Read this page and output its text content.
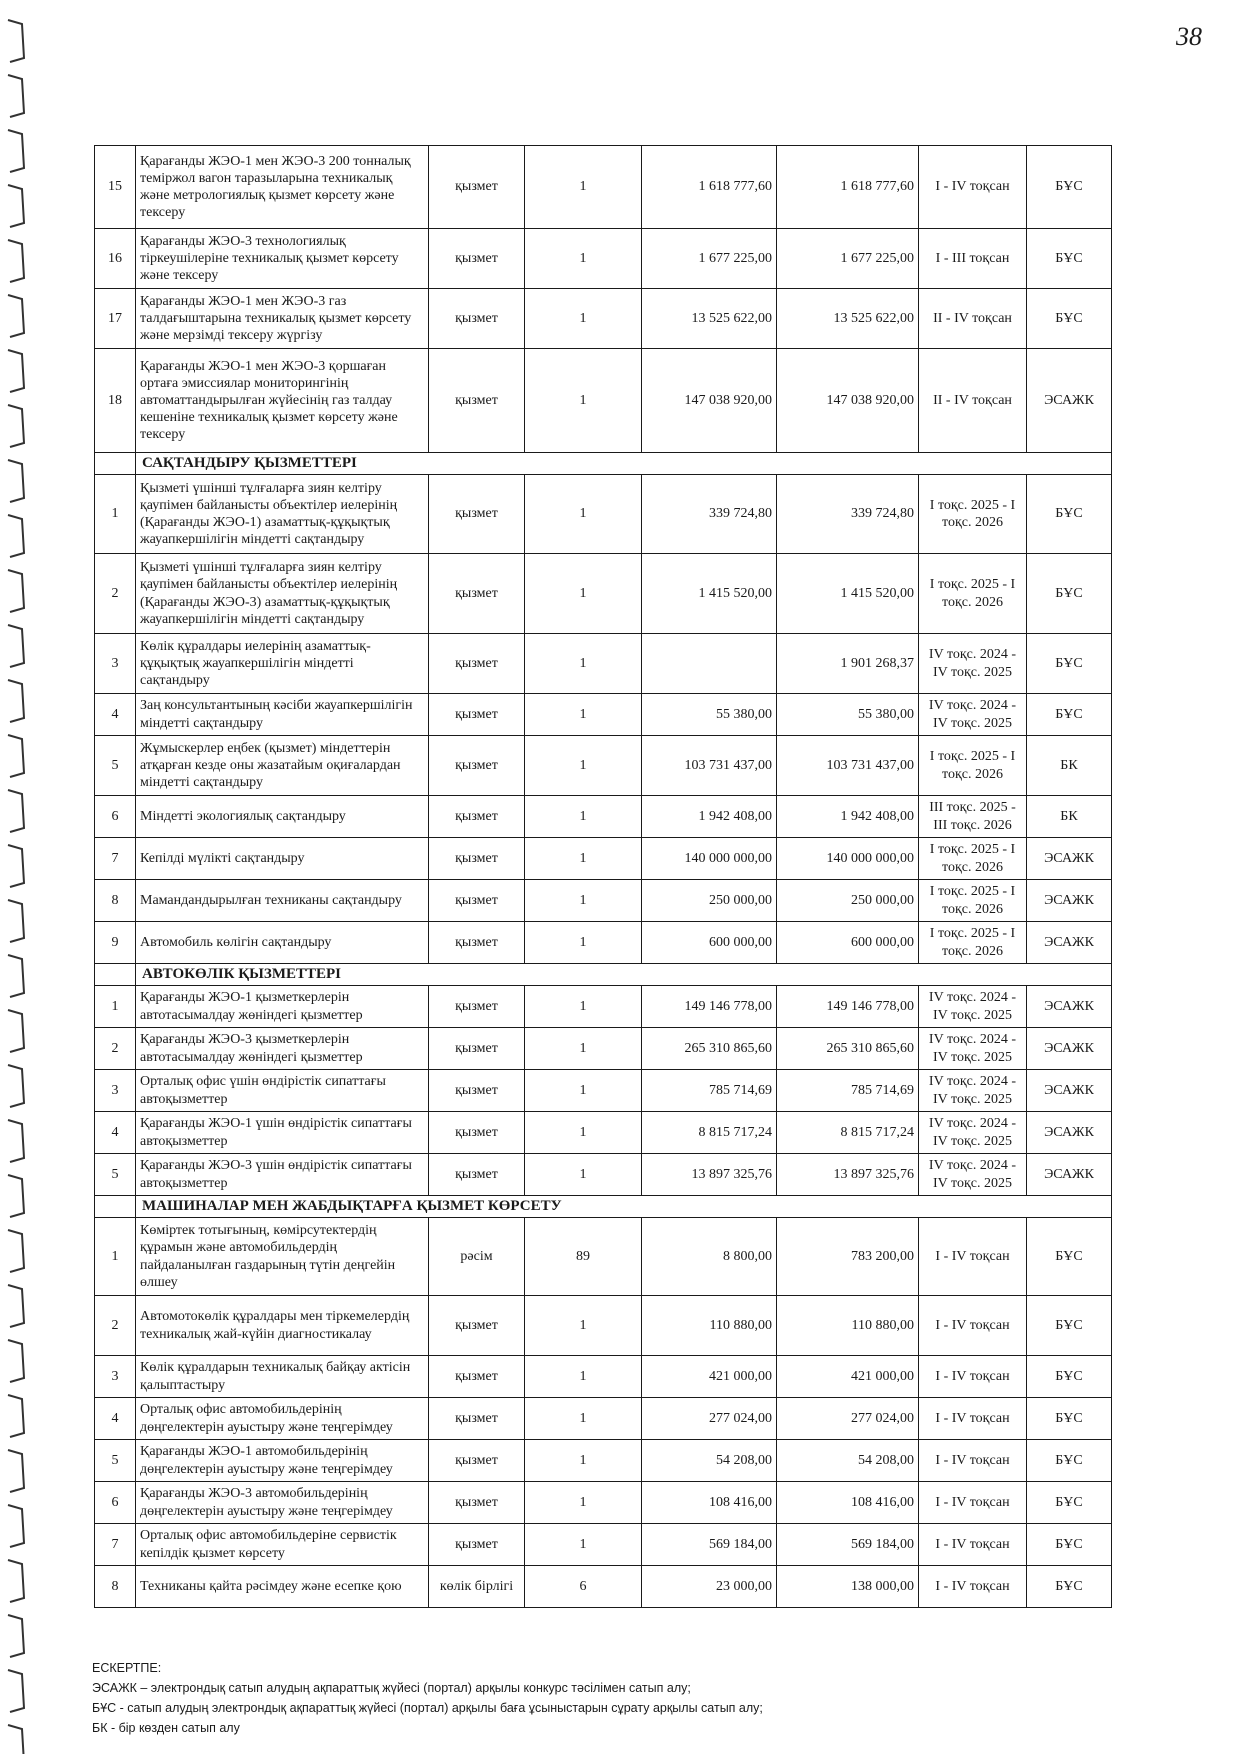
38
15	Қарағанды ЖЭО-1 мен ЖЭО-3 200 тонналық теміржол вагон таразыларына техникалық және метрологиялық қызмет көрсету және тексеру	қызмет	1	1 618 777,60	1 618 777,60	I - IV тоқсан	БҰС
16	Қарағанды ЖЭО-3 технологиялық тіркеушілеріне техникалық қызмет көрсету және тексеру	қызмет	1	1 677 225,00	1 677 225,00	I - III тоқсан	БҰС
17	Қарағанды ЖЭО-1 мен ЖЭО-3 газ талдағыштарына техникалық қызмет көрсету және мерзімді тексеру жүргізу	қызмет	1	13 525 622,00	13 525 622,00	II - IV тоқсан	БҰС
18	Қарағанды ЖЭО-1 мен ЖЭО-3 қоршаған ортаға эмиссиялар мониторингінің автоматтандырылған жүйесінің газ талдау кешеніне техникалық қызмет көрсету және тексеру	қызмет	1	147 038 920,00	147 038 920,00	II - IV тоқсан	ЭСАЖК
	САҚТАНДЫРУ ҚЫЗМЕТТЕРІ						
1	Қызметі үшінші тұлғаларға зиян келтіру қаупімен байланысты объектілер иелерінің (Қарағанды ЖЭО-1) азаматтық-құқықтық жауапкершілігін міндетті сақтандыру	қызмет	1	339 724,80	339 724,80	I тоқс. 2025 - I тоқс. 2026	БҰС
2	Қызметі үшінші тұлғаларға зиян келтіру қаупімен байланысты объектілер иелерінің (Қарағанды ЖЭО-3) азаматтық-құқықтық жауапкершілігін міндетті сақтандыру	қызмет	1	1 415 520,00	1 415 520,00	I тоқс. 2025 - I тоқс. 2026	БҰС
3	Көлік құралдары иелерінің азаматтық-құқықтық жауапкершілігін міндетті сақтандыру	қызмет	1		1 901 268,37	IV тоқс. 2024 - IV тоқс. 2025	БҰС
4	Заң консультантының кәсіби жауапкершілігін міндетті сақтандыру	қызмет	1	55 380,00	55 380,00	IV тоқс. 2024 - IV тоқс. 2025	БҰС
5	Жұмыскерлер еңбек (қызмет) міндеттерін атқарған кезде оны жазатайым оқиғалардан міндетті сақтандыру	қызмет	1	103 731 437,00	103 731 437,00	I тоқс. 2025 - I тоқс. 2026	БК
6	Міндетті экологиялық сақтандыру	қызмет	1	1 942 408,00	1 942 408,00	III тоқс. 2025 - III тоқс. 2026	БК
7	Кепілді мүлікті сақтандыру	қызмет	1	140 000 000,00	140 000 000,00	I тоқс. 2025 - I тоқс. 2026	ЭСАЖК
8	Мамандандырылған техниканы сақтандыру	қызмет	1	250 000,00	250 000,00	I тоқс. 2025 - I тоқс. 2026	ЭСАЖК
9	Автомобиль көлігін сақтандыру	қызмет	1	600 000,00	600 000,00	I тоқс. 2025 - I тоқс. 2026	ЭСАЖК
	АВТОКӨЛІК ҚЫЗМЕТТЕРІ						
1	Қарағанды ЖЭО-1 қызметкерлерін автотасымалдау жөніндегі қызметтер	қызмет	1	149 146 778,00	149 146 778,00	IV тоқс. 2024 - IV тоқс. 2025	ЭСАЖК
2	Қарағанды ЖЭО-3 қызметкерлерін автотасымалдау жөніндегі қызметтер	қызмет	1	265 310 865,60	265 310 865,60	IV тоқс. 2024 - IV тоқс. 2025	ЭСАЖК
3	Орталық офис үшін өндірістік сипаттағы автоқызметтер	қызмет	1	785 714,69	785 714,69	IV тоқс. 2024 - IV тоқс. 2025	ЭСАЖК
4	Қарағанды ЖЭО-1 үшін өндірістік сипаттағы автоқызметтер	қызмет	1	8 815 717,24	8 815 717,24	IV тоқс. 2024 - IV тоқс. 2025	ЭСАЖК
5	Қарағанды ЖЭО-3 үшін өндірістік сипаттағы автоқызметтер	қызмет	1	13 897 325,76	13 897 325,76	IV тоқс. 2024 - IV тоқс. 2025	ЭСАЖК
	МАШИНАЛАР МЕН ЖАБДЫҚТАРҒА ҚЫЗМЕТ КӨРСЕТУ						
1	Көміртек тотығының, көмірсутектердің құрамын және автомобильдердің пайдаланылған газдарының түтін деңгейін өлшеу	рәсім	89	8 800,00	783 200,00	I - IV тоқсан	БҰС
2	Автомотокөлік құралдары мен тіркемелердің техникалық жай-күйін диагностикалау	қызмет	1	110 880,00	110 880,00	I - IV тоқсан	БҰС
3	Көлік құралдарын техникалық байқау актісін қалыптастыру	қызмет	1	421 000,00	421 000,00	I - IV тоқсан	БҰС
4	Орталық офис автомобильдерінің дөңгелектерін ауыстыру және теңгерімдеу	қызмет	1	277 024,00	277 024,00	I - IV тоқсан	БҰС
5	Қарағанды ЖЭО-1 автомобильдерінің дөңгелектерін ауыстыру және теңгерімдеу	қызмет	1	54 208,00	54 208,00	I - IV тоқсан	БҰС
6	Қарағанды ЖЭО-3 автомобильдерінің дөңгелектерін ауыстыру және теңгерімдеу	қызмет	1	108 416,00	108 416,00	I - IV тоқсан	БҰС
7	Орталық офис автомобильдеріне сервистік кепілдік қызмет көрсету	қызмет	1	569 184,00	569 184,00	I - IV тоқсан	БҰС
8	Техниканы қайта рәсімдеу және есепке қою	көлік бірлігі	6	23 000,00	138 000,00	I - IV тоқсан	БҰС
ЕСКЕРТПЕ:
ЭСАЖК – электрондық сатып алудың ақпараттық жүйесі (портал) арқылы конкурс тәсілімен сатып алу;
БҰС - сатып алудың электрондық ақпараттық жүйесі (портал) арқылы баға ұсыныстарын сұрату арқылы сатып алу;
БК - бір көзден сатып алу
